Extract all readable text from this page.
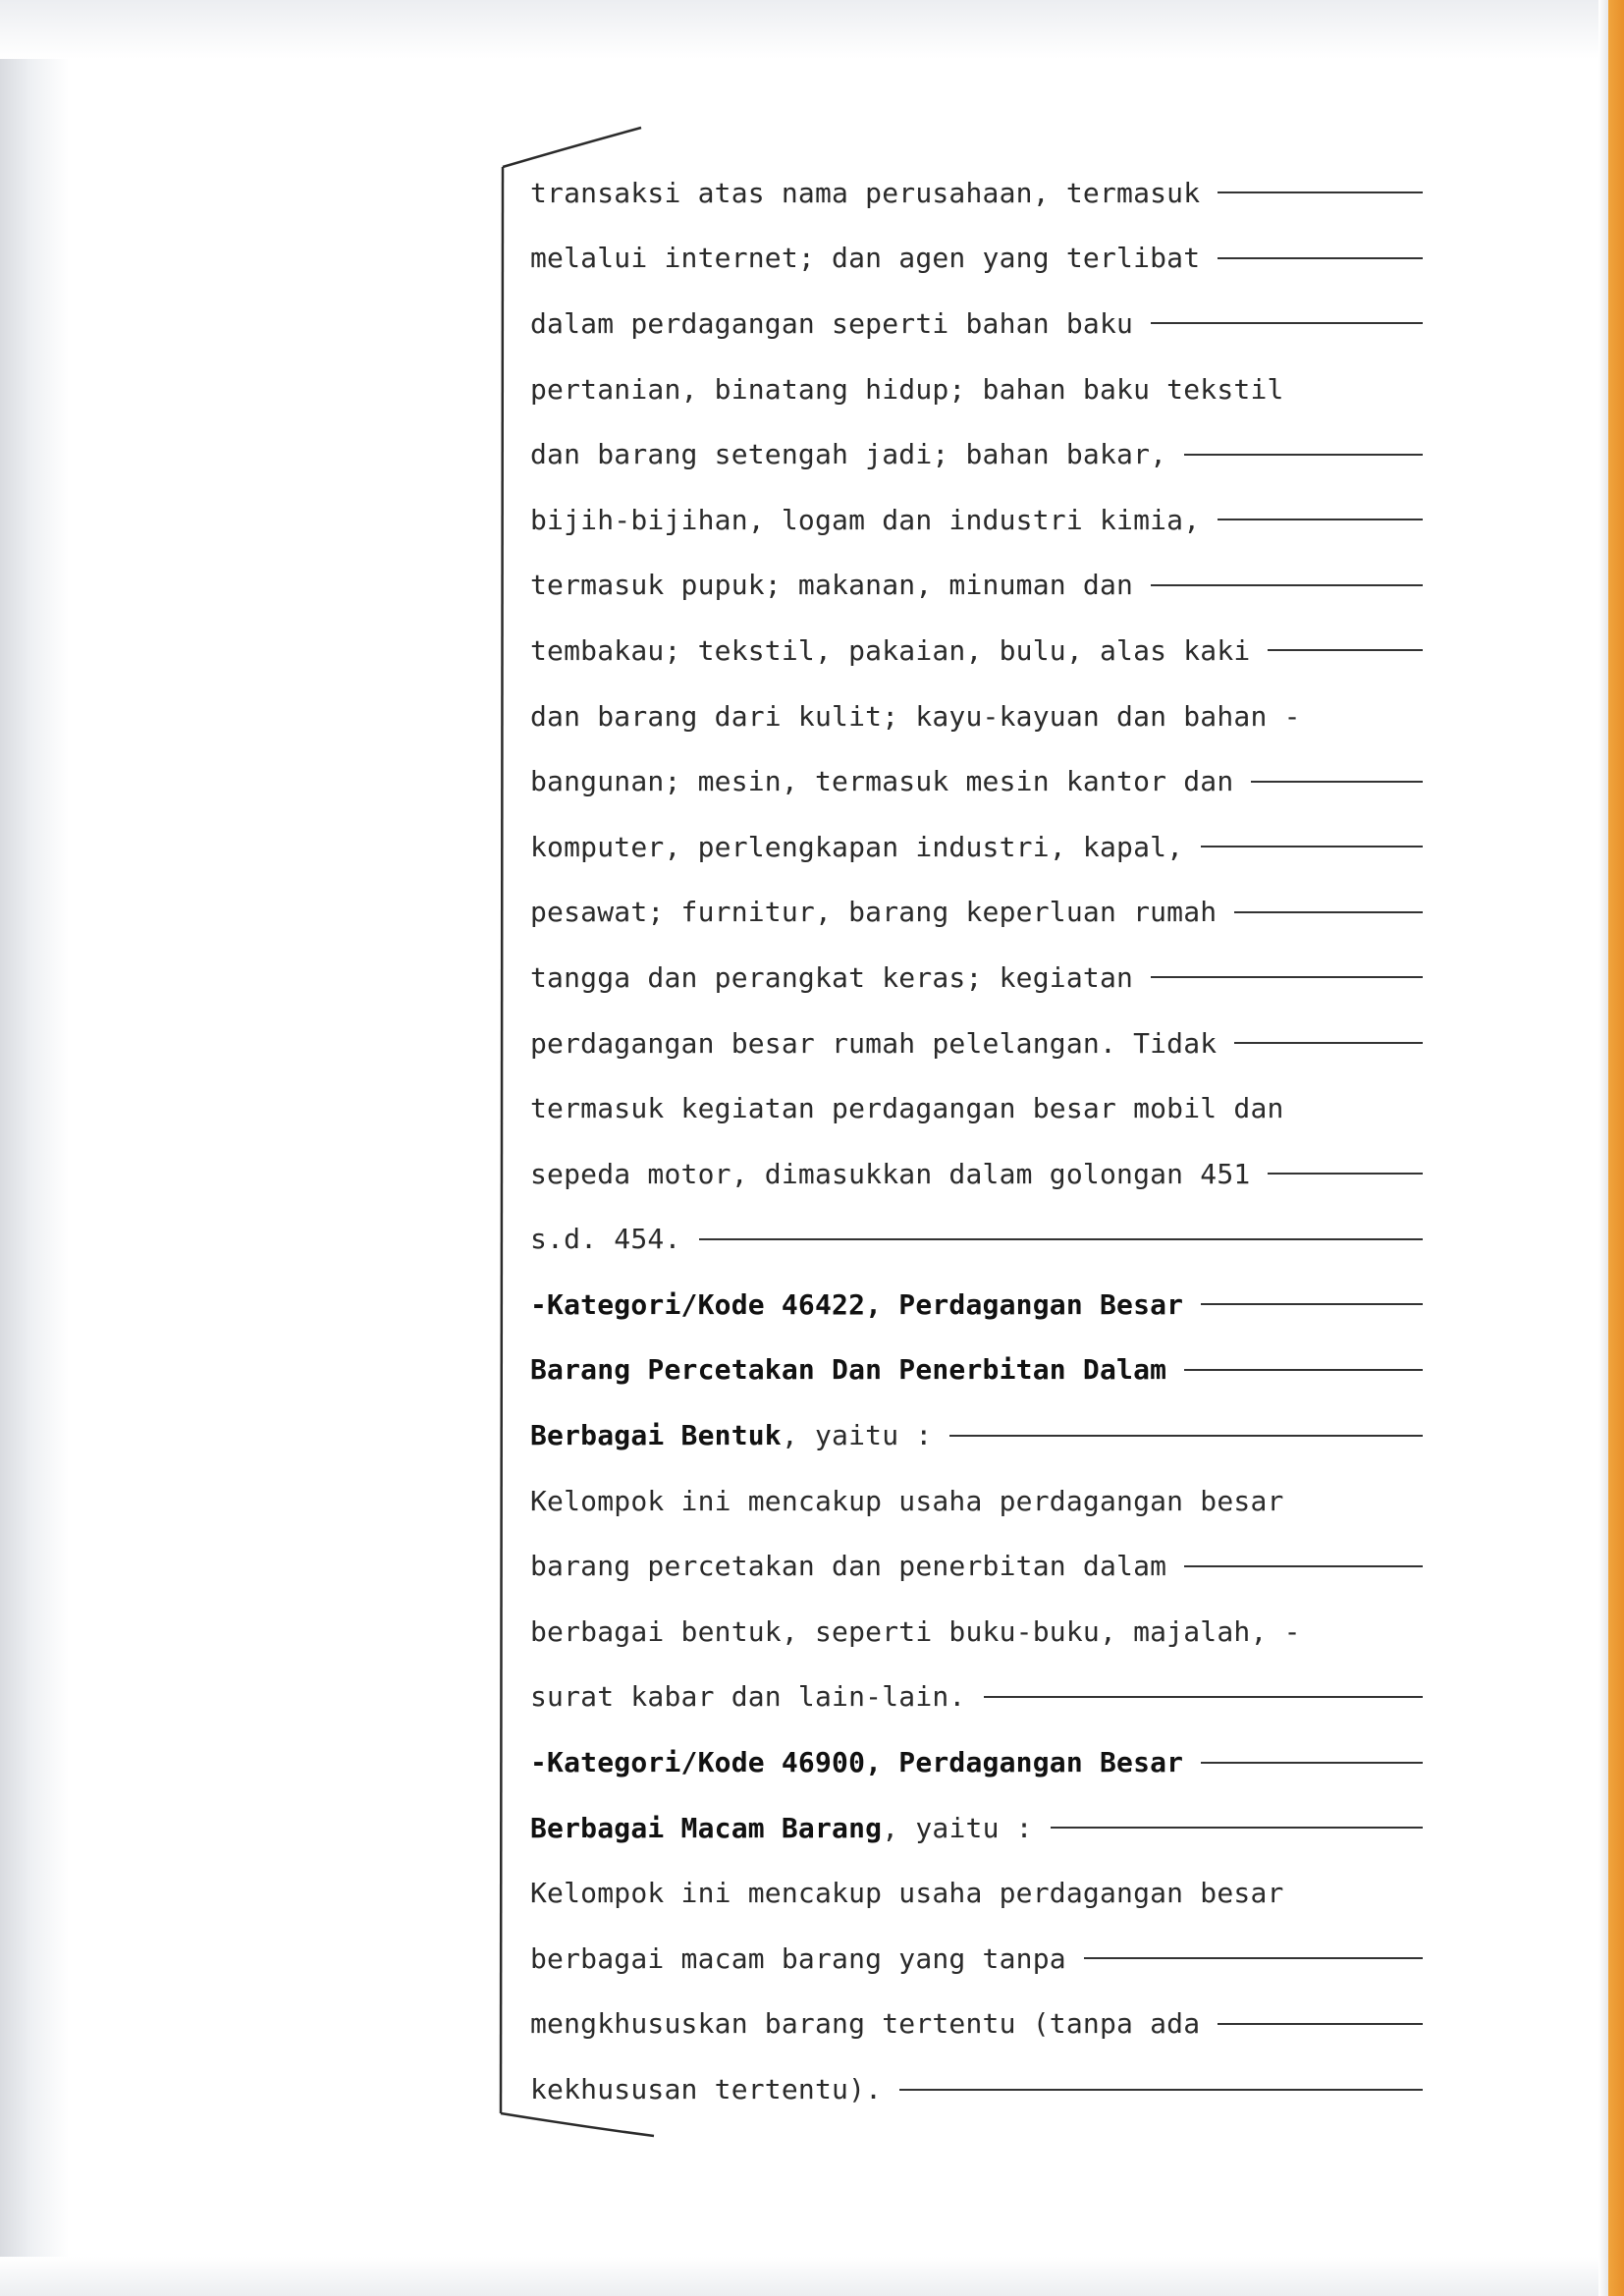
transaksi atas nama perusahaan, termasuk
melalui internet; dan agen yang terlibat
dalam perdagangan seperti bahan baku
pertanian, binatang hidup; bahan baku tekstil
dan barang setengah jadi; bahan bakar,
bijih-bijihan, logam dan industri kimia,
termasuk pupuk; makanan, minuman dan
tembakau; tekstil, pakaian, bulu, alas kaki
dan barang dari kulit; kayu-kayuan dan bahan -
bangunan; mesin, termasuk mesin kantor dan
komputer, perlengkapan industri, kapal,
pesawat; furnitur, barang keperluan rumah
tangga dan perangkat keras; kegiatan
perdagangan besar rumah pelelangan. Tidak
termasuk kegiatan perdagangan besar mobil dan
sepeda motor, dimasukkan dalam golongan 451
s.d. 454.
-Kategori/Kode 46422, Perdagangan Besar
Barang Percetakan Dan Penerbitan Dalam
Berbagai Bentuk, yaitu :
Kelompok ini mencakup usaha perdagangan besar
barang percetakan dan penerbitan dalam
berbagai bentuk, seperti buku-buku, majalah, -
surat kabar dan lain-lain.
-Kategori/Kode 46900, Perdagangan Besar
Berbagai Macam Barang, yaitu :
Kelompok ini mencakup usaha perdagangan besar
berbagai macam barang yang tanpa
mengkhususkan barang tertentu (tanpa ada
kekhususan tertentu).
